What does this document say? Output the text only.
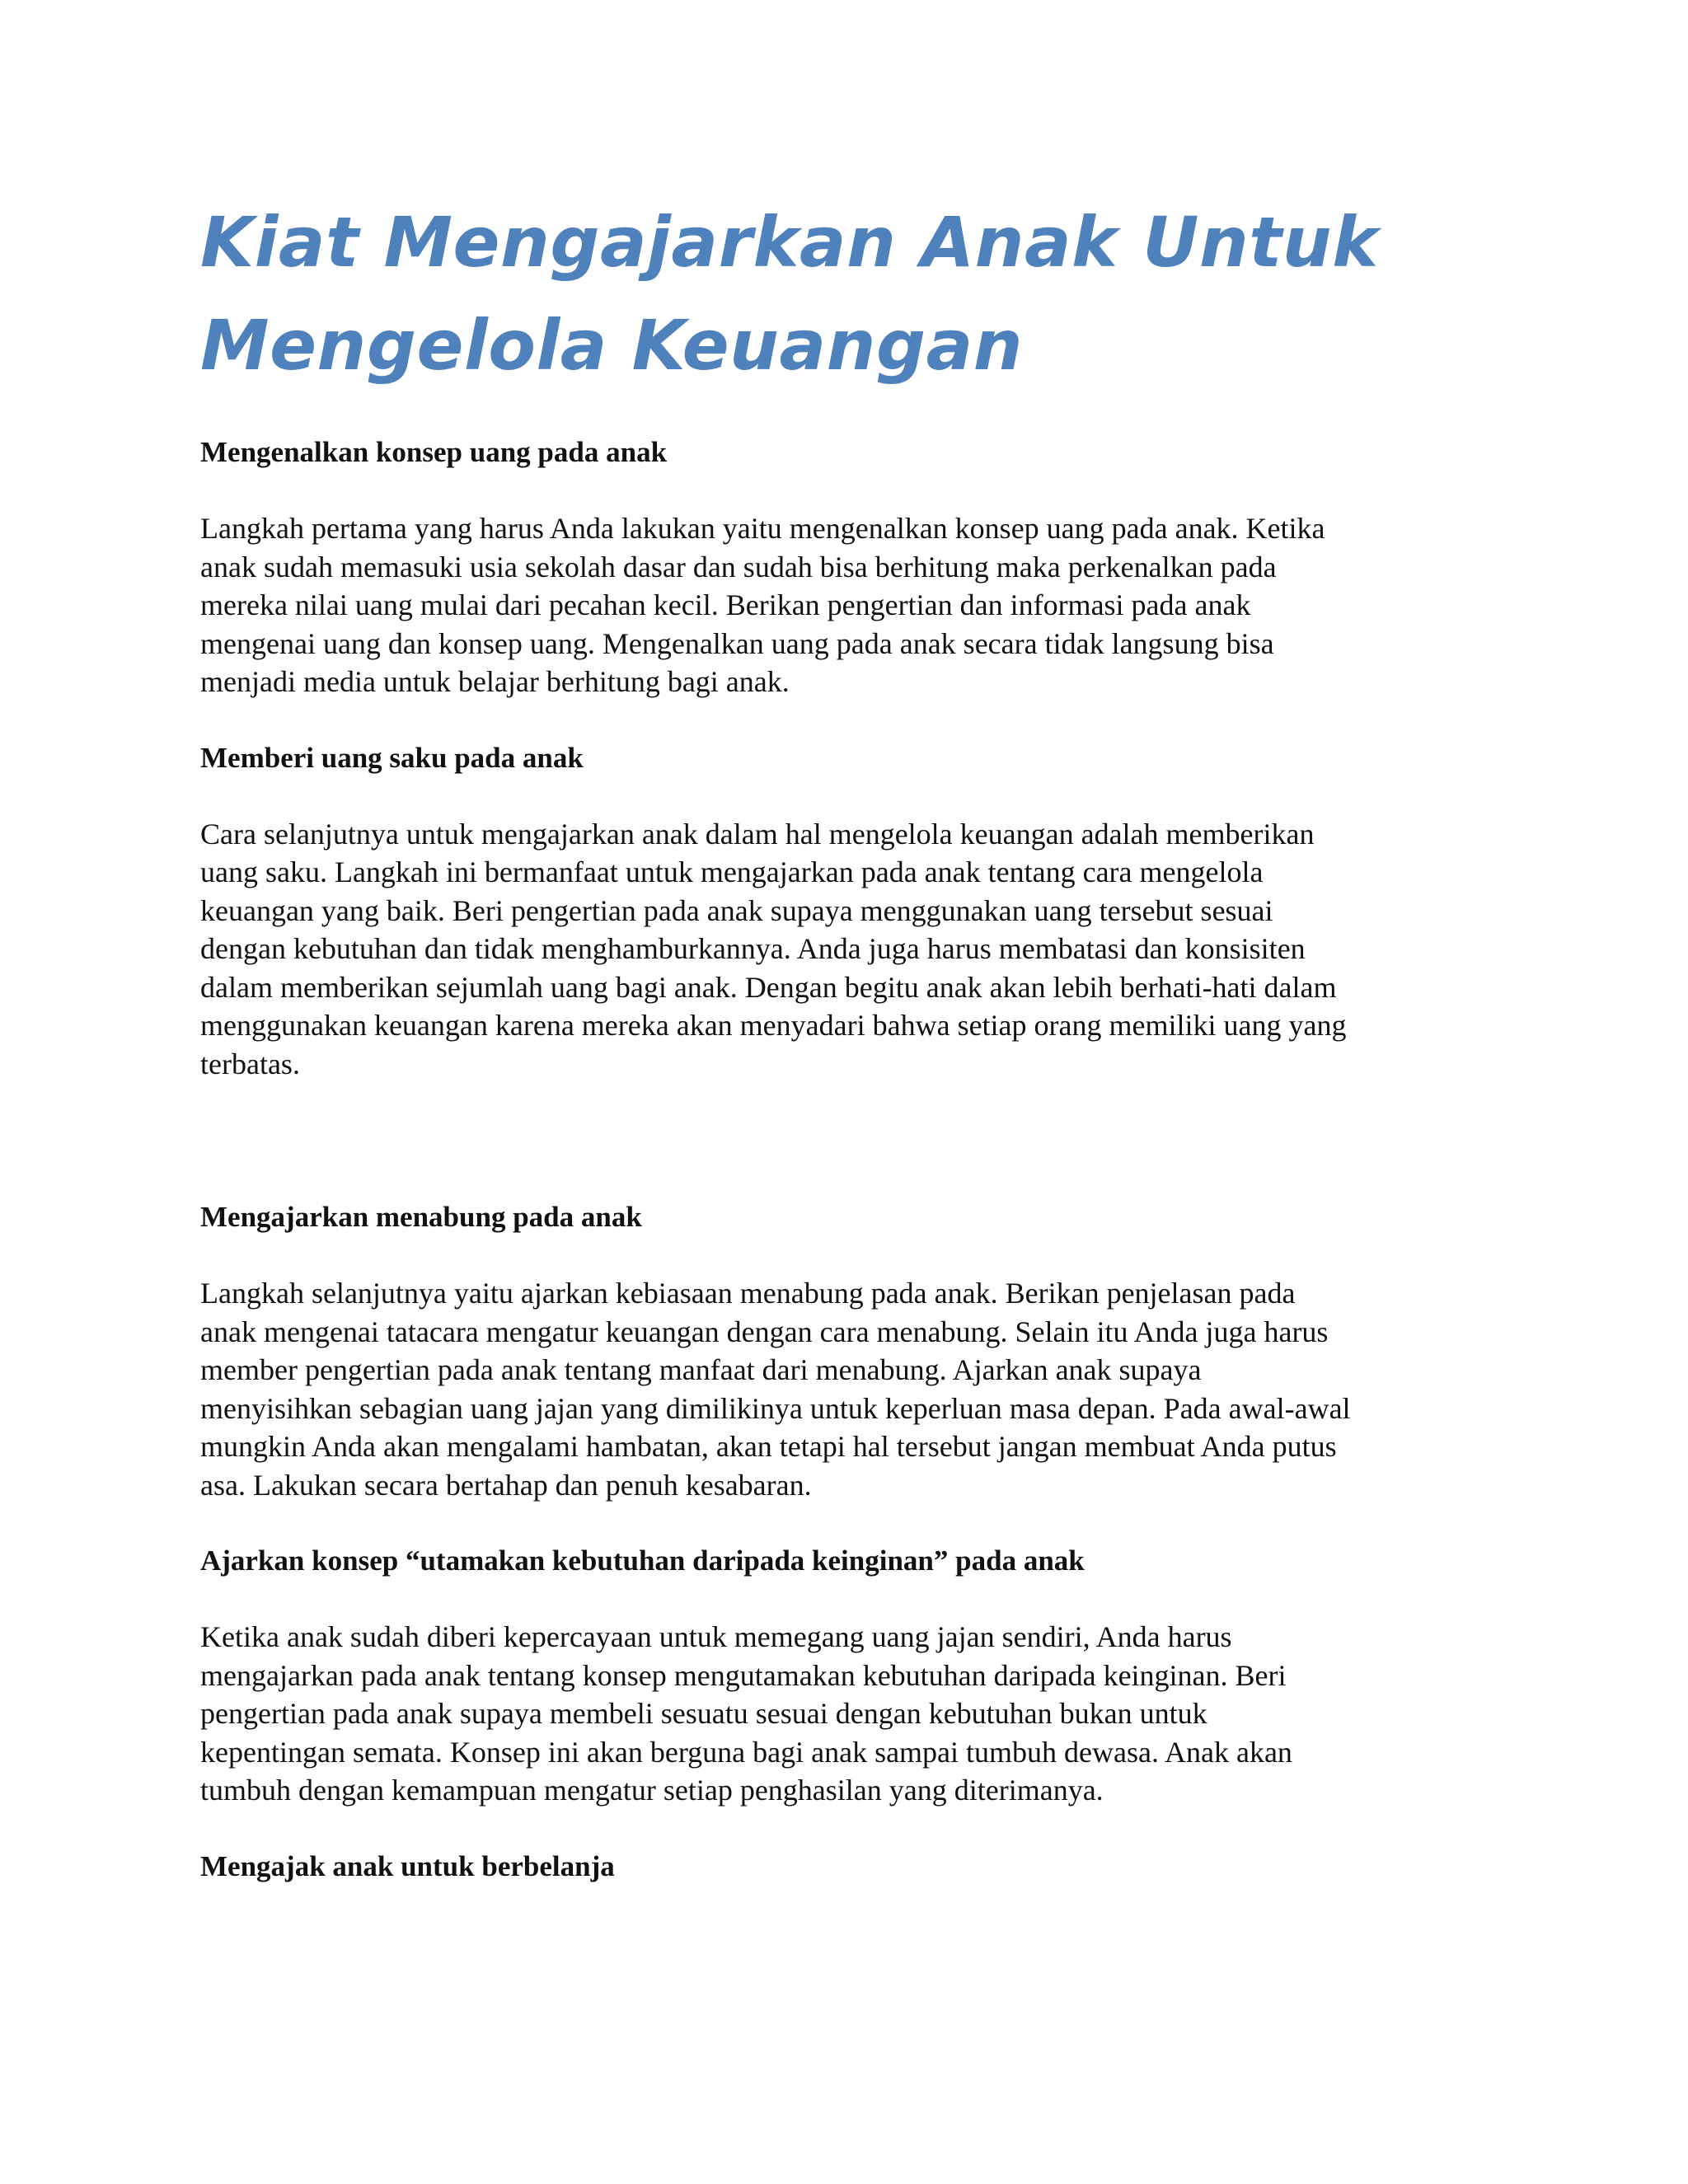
Kiat Mengajarkan Anak Untuk
Mengelola Keuangan
Mengenalkan konsep uang pada anak

Langkah pertama yang harus Anda lakukan yaitu mengenalkan konsep uang pada anak. Ketika
anak sudah memasuki usia sekolah dasar dan sudah bisa berhitung maka perkenalkan pada
mereka nilai uang mulai dari pecahan kecil. Berikan pengertian dan informasi pada anak
mengenai uang dan konsep uang. Mengenalkan uang pada anak secara tidak langsung bisa
menjadi media untuk belajar berhitung bagi anak.

Memberi uang saku pada anak

Cara selanjutnya untuk mengajarkan anak dalam hal mengelola keuangan adalah memberikan
uang saku. Langkah ini bermanfaat untuk mengajarkan pada anak tentang cara mengelola
keuangan yang baik. Beri pengertian pada anak supaya menggunakan uang tersebut sesuai
dengan kebutuhan dan tidak menghamburkannya. Anda juga harus membatasi dan konsisiten
dalam memberikan sejumlah uang bagi anak. Dengan begitu anak akan lebih berhati-hati dalam
menggunakan keuangan karena mereka akan menyadari bahwa setiap orang memiliki uang yang
terbatas.

Mengajarkan menabung pada anak

Langkah selanjutnya yaitu ajarkan kebiasaan menabung pada anak. Berikan penjelasan pada
anak mengenai tatacara mengatur keuangan dengan cara menabung. Selain itu Anda juga harus
member pengertian pada anak tentang manfaat dari menabung. Ajarkan anak supaya
menyisihkan sebagian uang jajan yang dimilikinya untuk keperluan masa depan. Pada awal-awal
mungkin Anda akan mengalami hambatan, akan tetapi hal tersebut jangan membuat Anda putus
asa. Lakukan secara bertahap dan penuh kesabaran.

Ajarkan konsep “utamakan kebutuhan daripada keinginan” pada anak

Ketika anak sudah diberi kepercayaan untuk memegang uang jajan sendiri, Anda harus
mengajarkan pada anak tentang konsep mengutamakan kebutuhan daripada keinginan. Beri
pengertian pada anak supaya membeli sesuatu sesuai dengan kebutuhan bukan untuk
kepentingan semata. Konsep ini akan berguna bagi anak sampai tumbuh dewasa. Anak akan
tumbuh dengan kemampuan mengatur setiap penghasilan yang diterimanya.

Mengajak anak untuk berbelanja
